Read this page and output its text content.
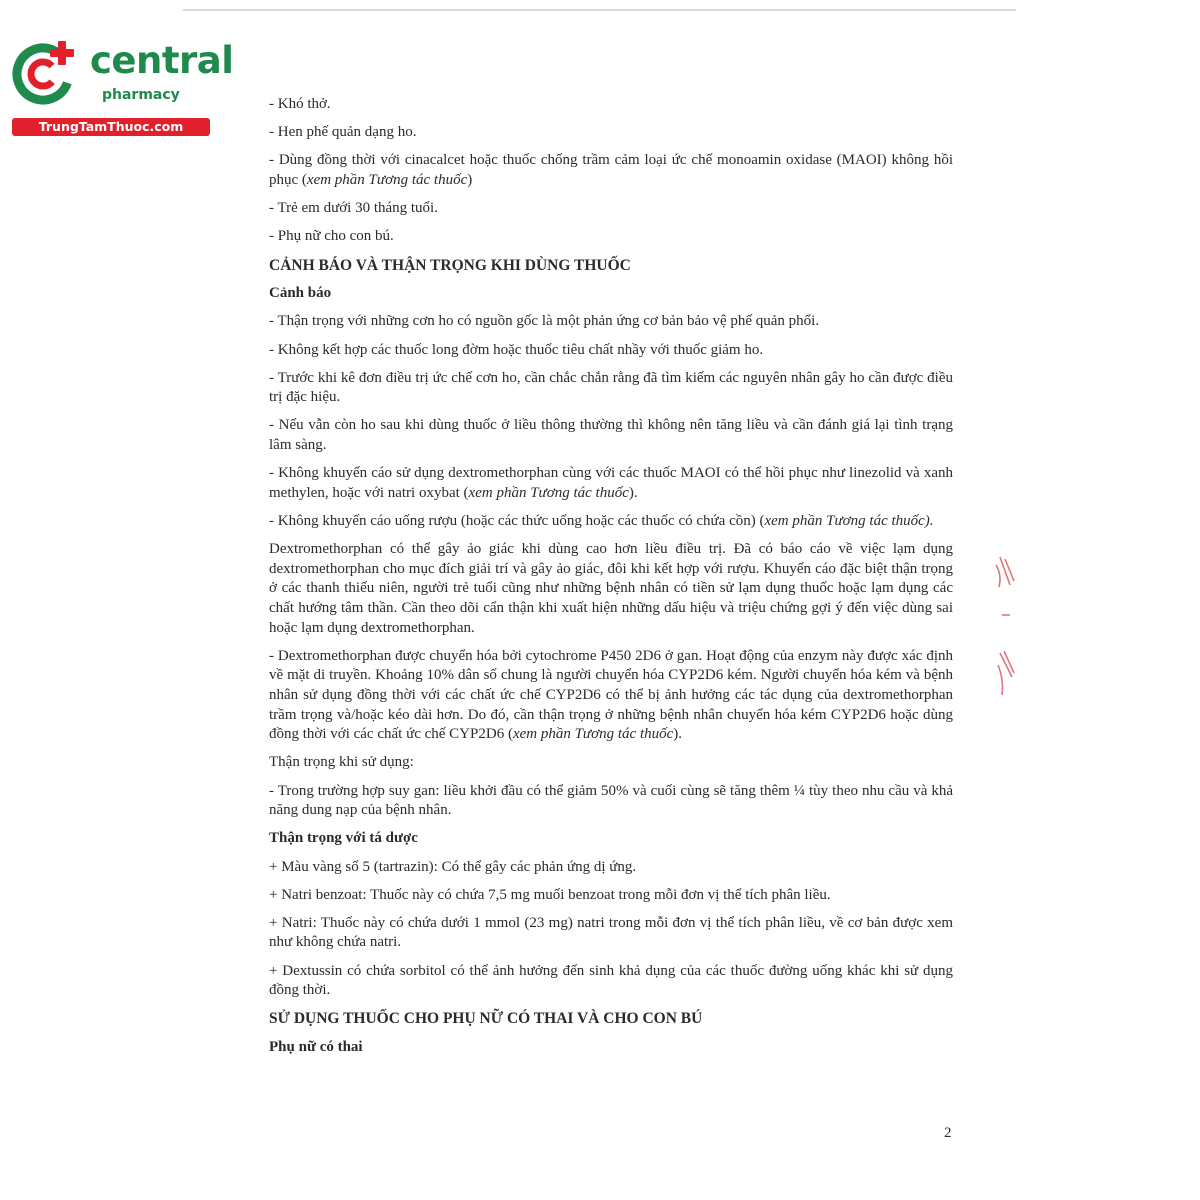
central
pharmacy
TrungTamThuoc.com

- Khó thở.

- Hen phế quản dạng ho.

- Dùng đồng thời với cinacalcet hoặc thuốc chống trầm cảm loại ức chế monoamin oxidase (MAOI) không hồi phục (xem phần Tương tác thuốc)

- Trẻ em dưới 30 tháng tuổi.

- Phụ nữ cho con bú.

CẢNH BÁO VÀ THẬN TRỌNG KHI DÙNG THUỐC

Cảnh báo

- Thận trọng với những cơn ho có nguồn gốc là một phản ứng cơ bản bảo vệ phế quản phổi.

- Không kết hợp các thuốc long đờm hoặc thuốc tiêu chất nhầy với thuốc giảm ho.

- Trước khi kê đơn điều trị ức chế cơn ho, cần chắc chắn rằng đã tìm kiếm các nguyên nhân gây ho cần được điều trị đặc hiệu.

- Nếu vẫn còn ho sau khi dùng thuốc ở liều thông thường thì không nên tăng liều và cần đánh giá lại tình trạng lâm sàng.

- Không khuyến cáo sử dụng dextromethorphan cùng với các thuốc MAOI có thể hồi phục như linezolid và xanh methylen, hoặc với natri oxybat (xem phần Tương tác thuốc).

- Không khuyến cáo uống rượu (hoặc các thức uống hoặc các thuốc có chứa cồn) (xem phần Tương tác thuốc).

Dextromethorphan có thể gây ảo giác khi dùng cao hơn liều điều trị. Đã có báo cáo về việc lạm dụng dextromethorphan cho mục đích giải trí và gây ảo giác, đôi khi kết hợp với rượu. Khuyến cáo đặc biệt thận trọng ở các thanh thiếu niên, người trẻ tuổi cũng như những bệnh nhân có tiền sử lạm dụng thuốc hoặc lạm dụng các chất hướng tâm thần. Cần theo dõi cẩn thận khi xuất hiện những dấu hiệu và triệu chứng gợi ý đến việc dùng sai hoặc lạm dụng dextromethorphan.

- Dextromethorphan được chuyển hóa bởi cytochrome P450 2D6 ở gan. Hoạt động của enzym này được xác định về mặt di truyền. Khoảng 10% dân số chung là người chuyển hóa CYP2D6 kém. Người chuyển hóa kém và bệnh nhân sử dụng đồng thời với các chất ức chế CYP2D6 có thể bị ảnh hưởng các tác dụng của dextromethorphan trầm trọng và/hoặc kéo dài hơn. Do đó, cần thận trọng ở những bệnh nhân chuyển hóa kém CYP2D6 hoặc dùng đồng thời với các chất ức chế CYP2D6 (xem phần Tương tác thuốc).

Thận trọng khi sử dụng:

- Trong trường hợp suy gan: liều khởi đầu có thể giảm 50% và cuối cùng sẽ tăng thêm ¼ tùy theo nhu cầu và khả năng dung nạp của bệnh nhân.

Thận trọng với tá dược

+ Màu vàng số 5 (tartrazin): Có thể gây các phản ứng dị ứng.

+ Natri benzoat: Thuốc này có chứa 7,5 mg muối benzoat trong mỗi đơn vị thể tích phân liều.

+ Natri: Thuốc này có chứa dưới 1 mmol (23 mg) natri trong mỗi đơn vị thể tích phân liều, về cơ bản được xem như không chứa natri.

+ Dextussin có chứa sorbitol có thể ảnh hưởng đến sinh khả dụng của các thuốc đường uống khác khi sử dụng đồng thời.

SỬ DỤNG THUỐC CHO PHỤ NỮ CÓ THAI VÀ CHO CON BÚ

Phụ nữ có thai

2
